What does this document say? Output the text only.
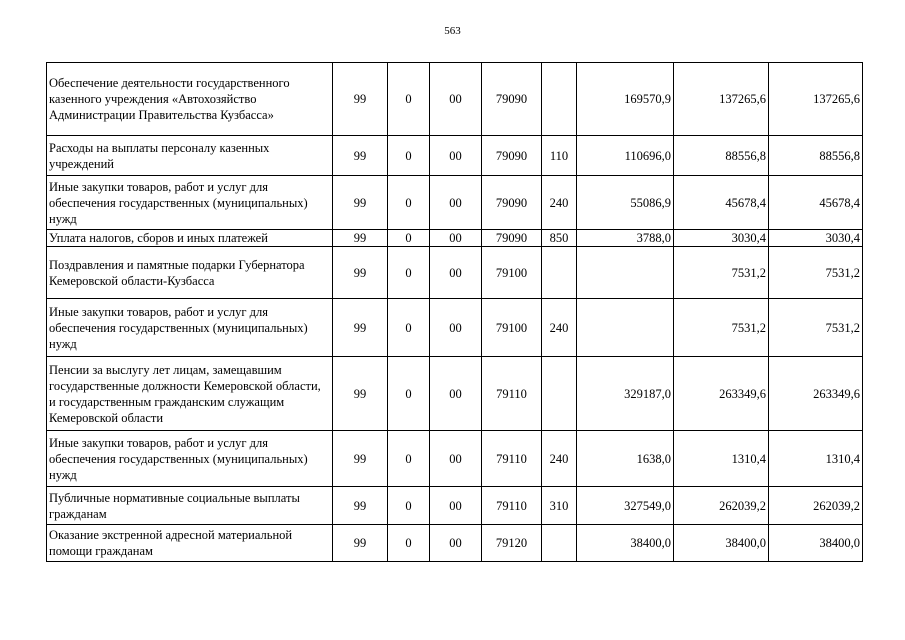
563
Обеспечение деятельности государственного казенного учреждения «Автохозяйство Администрации Правительства Кузбасса»	99	0	00	79090		169570,9	137265,6	137265,6
Расходы на выплаты персоналу казенных учреждений	99	0	00	79090	110	110696,0	88556,8	88556,8
Иные закупки товаров, работ и услуг для обеспечения государственных (муниципальных) нужд	99	0	00	79090	240	55086,9	45678,4	45678,4
Уплата налогов, сборов и иных платежей	99	0	00	79090	850	3788,0	3030,4	3030,4
Поздравления и памятные подарки Губернатора Кемеровской области-Кузбасса	99	0	00	79100			7531,2	7531,2
Иные закупки товаров, работ и услуг для обеспечения государственных (муниципальных) нужд	99	0	00	79100	240		7531,2	7531,2
Пенсии за выслугу лет лицам, замещавшим государственные должности Кемеровской области, и государственным гражданским служащим Кемеровской области	99	0	00	79110		329187,0	263349,6	263349,6
Иные закупки товаров, работ и услуг для обеспечения государственных (муниципальных) нужд	99	0	00	79110	240	1638,0	1310,4	1310,4
Публичные нормативные социальные выплаты гражданам	99	0	00	79110	310	327549,0	262039,2	262039,2
Оказание экстренной адресной материальной помощи гражданам	99	0	00	79120		38400,0	38400,0	38400,0
